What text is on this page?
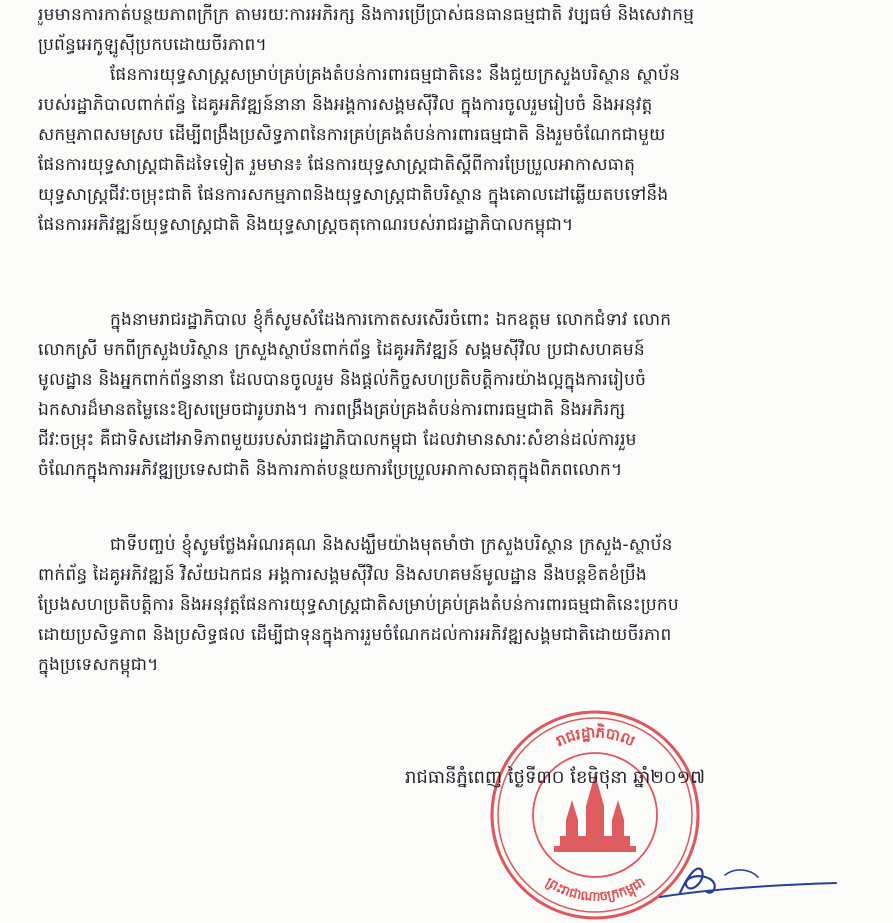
រួមមានការកាត់បន្ថយភាពក្រីក្រ តាមរយៈការអភិរក្ស និងការប្រើប្រាស់ធនធានធម្មជាតិ វប្បធម៌ និងសេវាកម្ម
ប្រព័ន្ធអេកូឡូស៊ីប្រកបដោយចីរភាព។
ផែនការយុទ្ធសាស្ត្រសម្រាប់គ្រប់គ្រងតំបន់ការពារធម្មជាតិនេះ នឹងជួយក្រសួងបរិស្ថាន ស្ថាប័ន
របស់រដ្ឋាភិបាលពាក់ព័ន្ធ ដៃគូអភិវឌ្ឍន៍នានា និងអង្គការសង្គមស៊ីវិល ក្នុងការចូលរួមរៀបចំ និងអនុវត្ត
សកម្មភាពសមស្រប ដើម្បីពង្រឹងប្រសិទ្ធភាពនៃការគ្រប់គ្រងតំបន់ការពារធម្មជាតិ និងរួមចំណែកជាមួយ
ផែនការយុទ្ធសាស្ត្រជាតិដទៃទៀត រួមមាន៖ ផែនការយុទ្ធសាស្ត្រជាតិស្តីពីការប្រែប្រួលអាកាសធាតុ
យុទ្ធសាស្ត្រជីវៈចម្រុះជាតិ ផែនការសកម្មភាពនិងយុទ្ធសាស្ត្រជាតិបរិស្ថាន ក្នុងគោលដៅឆ្លើយតបទៅនឹង
ផែនការអភិវឌ្ឍន៍យុទ្ធសាស្ត្រជាតិ និងយុទ្ធសាស្ត្រចតុកោណរបស់រាជរដ្ឋាភិបាលកម្ពុជា។
ក្នុងនាមរាជរដ្ឋាភិបាល ខ្ញុំក៏សូមសំដែងការកោតសរសើរចំពោះ ឯកឧត្តម លោកជំទាវ លោក
លោកស្រី មកពីក្រសួងបរិស្ថាន ក្រសួងស្ថាប័នពាក់ព័ន្ធ ដៃគូអភិវឌ្ឍន៍ សង្គមស៊ីវិល ប្រជាសហគមន៍
មូលដ្ឋាន និងអ្នកពាក់ព័ន្ធនានា ដែលបានចូលរួម និងផ្តល់កិច្ចសហប្រតិបត្តិការយ៉ាងល្អក្នុងការរៀបចំ
ឯកសារដ៏មានតម្លៃនេះឱ្យសម្រេចជារូបរាង។ ការពង្រឹងគ្រប់គ្រងតំបន់ការពារធម្មជាតិ និងអភិរក្ស
ជីវៈចម្រុះ គឺជាទិសដៅអាទិភាពមួយរបស់រាជរដ្ឋាភិបាលកម្ពុជា ដែលវាមានសារៈសំខាន់ដល់ការរួម
ចំណែកក្នុងការអភិវឌ្ឍប្រទេសជាតិ និងការកាត់បន្ថយការប្រែប្រួលអាកាសធាតុក្នុងពិភពលោក។
ជាទីបញ្ចប់ ខ្ញុំសូមថ្លែងអំណរគុណ និងសង្ឃឹមយ៉ាងមុតមាំថា ក្រសួងបរិស្ថាន ក្រសួង-ស្ថាប័ន
ពាក់ព័ន្ធ ដៃគូអភិវឌ្ឍន៍ វិស័យឯកជន អង្គការសង្គមស៊ីវិល និងសហគមន៍មូលដ្ឋាន នឹងបន្តខិតខំប្រឹង
ប្រែងសហប្រតិបត្តិការ និងអនុវត្តផែនការយុទ្ធសាស្ត្រជាតិសម្រាប់គ្រប់គ្រងតំបន់ការពារធម្មជាតិនេះប្រកប
ដោយប្រសិទ្ធភាព និងប្រសិទ្ធផល ដើម្បីជាទុនក្នុងការរួមចំណែកដល់ការអភិវឌ្ឍសង្គមជាតិដោយចីរភាព
ក្នុងប្រទេសកម្ពុជា។
រាជរដ្ឋាភិបាល
ព្រះរាជាណាចក្រកម្ពុជា
រាជធានីភ្នំពេញ ថ្ងៃទី៣០ ខែមិថុនា ឆ្នាំ២០១៧
